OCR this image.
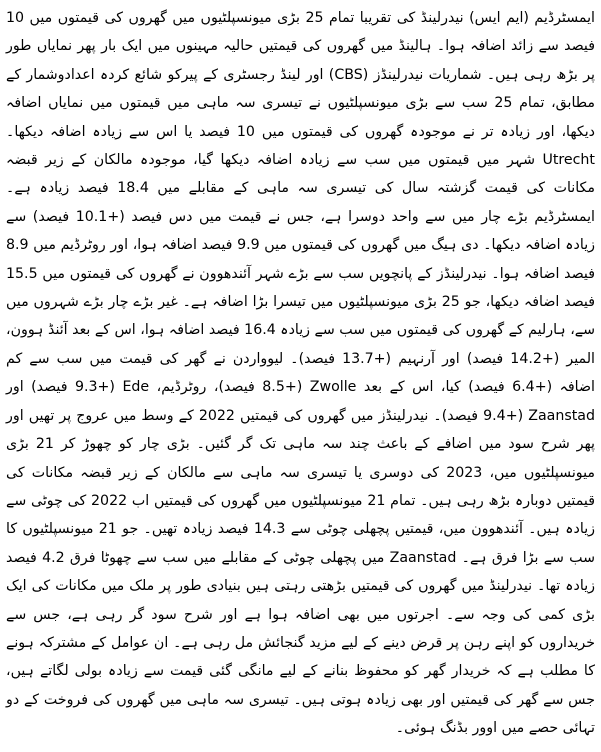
ایمسٹرڈیم (ایم ایس) نیدرلینڈ کی تقریبا تمام 25 بڑی میونسپلٹیوں میں گھروں کی قیمتوں میں 10 فیصد سے زائد اضافہ ہوا۔ ہالینڈ میں گھروں کی قیمتیں حالیہ مہینوں میں ایک بار پھر نمایاں طور پر بڑھ رہی ہیں۔ شماریات نیدرلینڈز (CBS) اور لینڈ رجسٹری کے پیرکو شائع کردہ اعدادوشمار کے مطابق، تمام 25 سب سے بڑی میونسپلٹیوں نے تیسری سہ ماہی میں قیمتوں میں نمایاں اضافہ دیکھا، اور زیادہ تر نے موجودہ گھروں کی قیمتوں میں 10 فیصد یا اس سے زیادہ اضافہ دیکھا۔ Utrecht شہر میں قیمتوں میں سب سے زیادہ اضافہ دیکھا گیا، موجودہ مالکان کے زیر قبضہ مکانات کی قیمت گزشتہ سال کی تیسری سہ ماہی کے مقابلے میں 18.4 فیصد زیادہ ہے۔ ایمسٹرڈیم بڑے چار میں سے واحد دوسرا ہے، جس نے قیمت میں دس فیصد (+10.1 فیصد) سے زیادہ اضافہ دیکھا۔ دی ہیگ میں گھروں کی قیمتوں میں 9.9 فیصد اضافہ ہوا، اور روٹرڈیم میں 8.9 فیصد اضافہ ہوا۔ نیدرلینڈز کے پانچویں سب سے بڑے شہر آئندھوون نے گھروں کی قیمتوں میں 15.5 فیصد اضافہ دیکھا، جو 25 بڑی میونسپلٹیوں میں تیسرا بڑا اضافہ ہے۔ غیر بڑے چار بڑے شہروں میں سے، ہارلیم کے گھروں کی قیمتوں میں سب سے زیادہ 16.4 فیصد اضافہ ہوا، اس کے بعد آئنڈ ہوون، المیر (+14.2 فیصد) اور آرنہیم (+13.7 فیصد)۔ لیوواردن نے گھر کی قیمت میں سب سے کم اضافہ (+6.4 فیصد) کیا، اس کے بعد Zwolle (+8.5 فیصد)، روٹرڈیم، Ede (+9.3 فیصد) اور Zaanstad (+9.4 فیصد)۔ نیدرلینڈز میں گھروں کی قیمتیں 2022 کے وسط میں عروج پر تھیں اور پھر شرح سود میں اضافے کے باعث چند سہ ماہی تک گر گئیں۔ بڑی چار کو چھوڑ کر 21 بڑی میونسپلٹیوں میں، 2023 کی دوسری یا تیسری سہ ماہی سے مالکان کے زیر قبضہ مکانات کی قیمتیں دوبارہ بڑھ رہی ہیں۔ تمام 21 میونسپلٹیوں میں گھروں کی قیمتیں اب 2022 کی چوٹی سے زیادہ ہیں۔ آئندھوون میں، قیمتیں پچھلی چوٹی سے 14.3 فیصد زیادہ تھیں۔ جو 21 میونسپلٹیوں کا سب سے بڑا فرق ہے۔ Zaanstad میں پچھلی چوٹی کے مقابلے میں سب سے چھوٹا فرق 4.2 فیصد زیادہ تھا۔ نیدرلینڈ میں گھروں کی قیمتیں بڑھتی رہتی ہیں بنیادی طور پر ملک میں مکانات کی ایک بڑی کمی کی وجہ سے۔ اجرتوں میں بھی اضافہ ہوا ہے اور شرح سود گر رہی ہے، جس سے خریداروں کو اپنے رہن پر قرض دینے کے لیے مزید گنجائش مل رہی ہے۔ ان عوامل کے مشترکہ ہونے کا مطلب ہے کہ خریدار گھر کو محفوظ بنانے کے لیے مانگی گئی قیمت سے زیادہ بولی لگاتے ہیں، جس سے گھر کی قیمتیں اور بھی زیادہ ہوتی ہیں۔ تیسری سہ ماہی میں گھروں کی فروخت کے دو تہائی حصے میں اوور بڈنگ ہوئی۔
